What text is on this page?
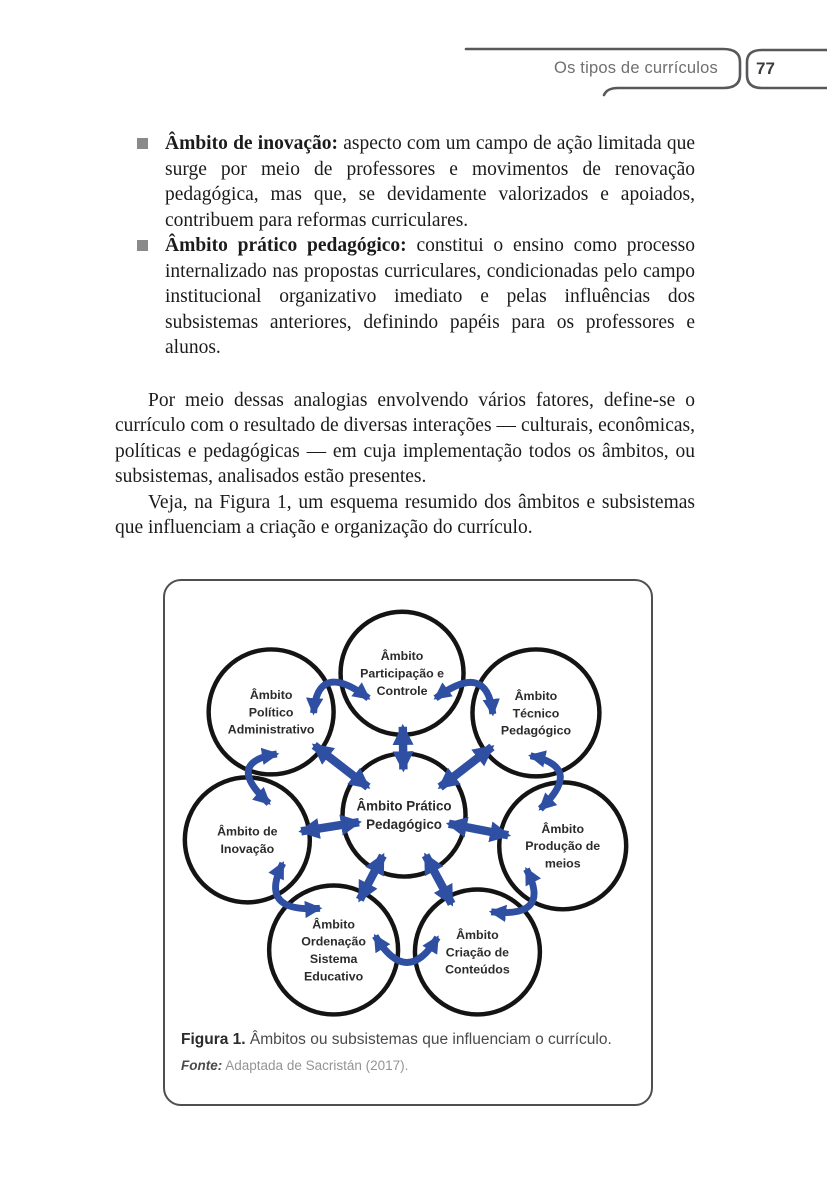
Os tipos de currículos 77
Âmbito de inovação: aspecto com um campo de ação limitada que surge por meio de professores e movimentos de renovação pedagógica, mas que, se devidamente valorizados e apoiados, contribuem para reformas curriculares.
Âmbito prático pedagógico: constitui o ensino como processo internalizado nas propostas curriculares, condicionadas pelo campo institucional organizativo imediato e pelas influências dos subsistemas anteriores, definindo papéis para os professores e alunos.

Por meio dessas analogias envolvendo vários fatores, define-se o currículo com o resultado de diversas interações — culturais, econômicas, políticas e pedagógicas — em cuja implementação todos os âmbitos, ou subsistemas, analisados estão presentes.

Veja, na Figura 1, um esquema resumido dos âmbitos e subsistemas que influenciam a criação e organização do currículo.

Âmbito Participação e Controle
Âmbito Político Administrativo
Âmbito Técnico Pedagógico
Âmbito Prático Pedagógico
Âmbito de Inovação
Âmbito Produção de meios
Âmbito Ordenação Sistema Educativo
Âmbito Criação de Conteúdos
Figura 1. Âmbitos ou subsistemas que influenciam o currículo.
Fonte: Adaptada de Sacristán (2017).
